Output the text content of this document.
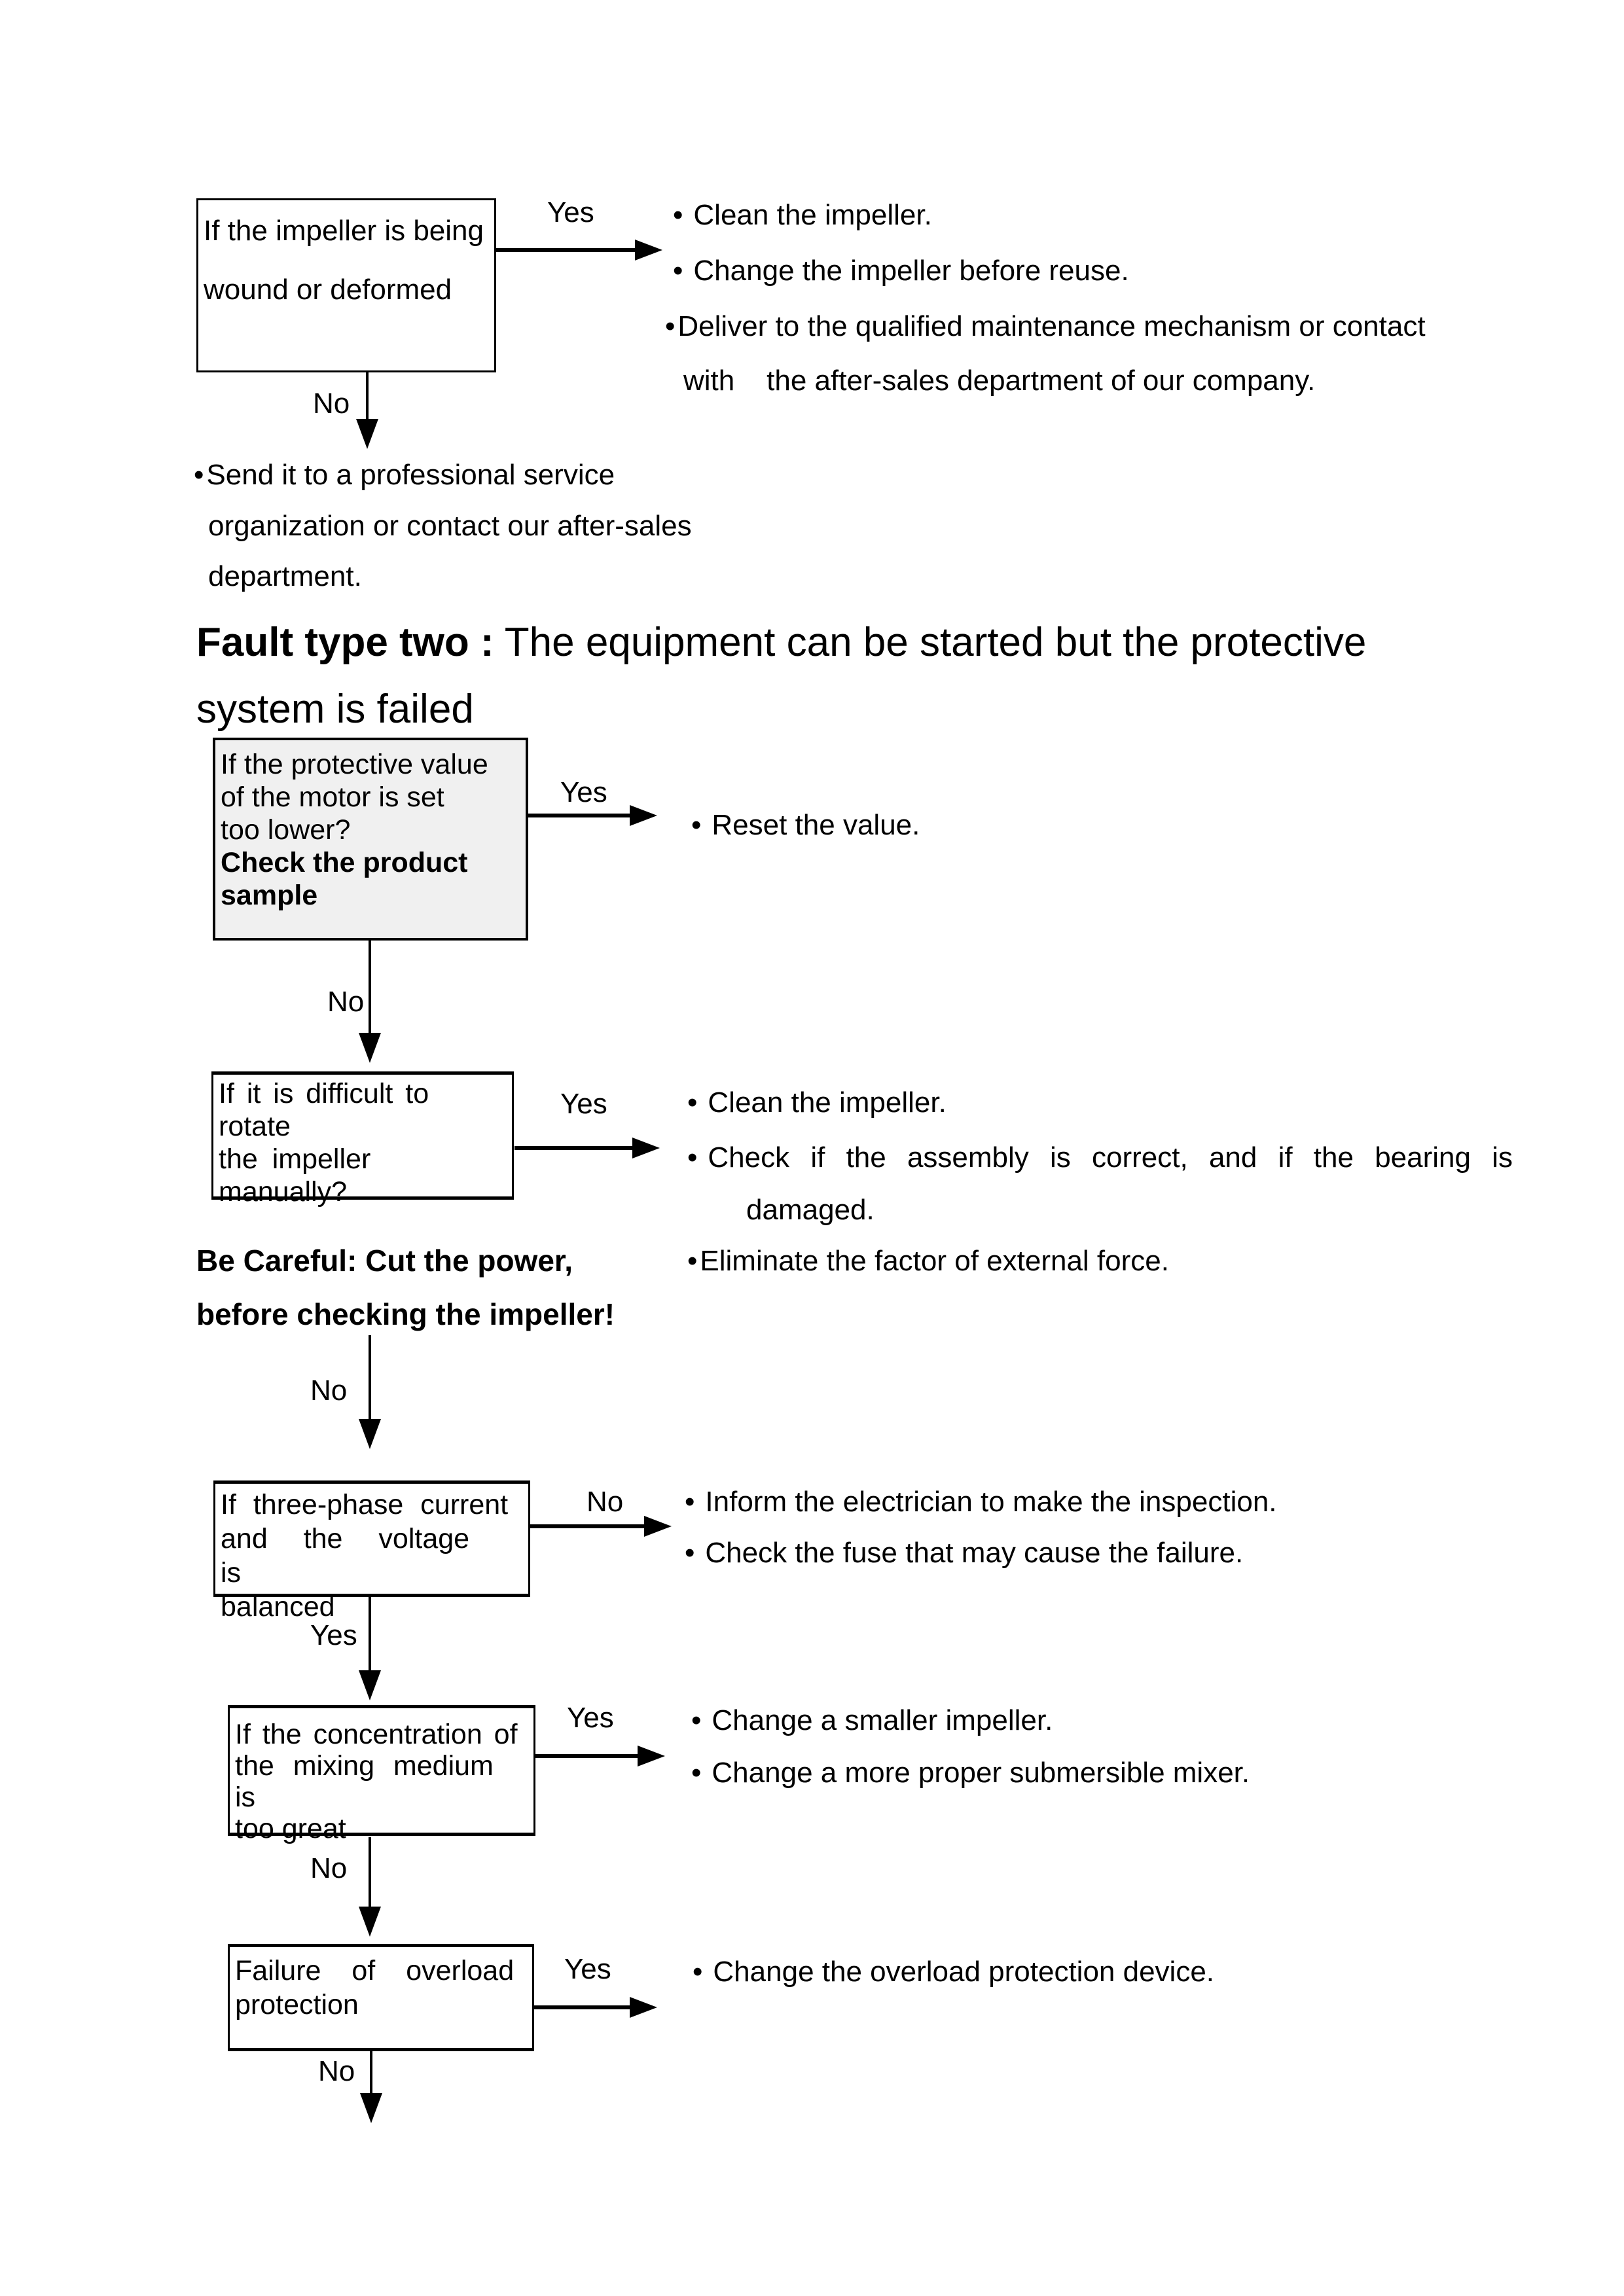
If the impeller is being
wound or deformed
Yes	• Clean the impeller.
• Change the impeller before reuse.
•Deliver to the qualified maintenance mechanism or contact
with    the after-sales department of our company.
No
•Send it to a professional service
organization or contact our after-sales
department.
Fault type two : The equipment can be started but the protective
system is failed
If the protective value
of the motor is set
too lower?
Check the product
sample
Yes
• Reset the value.
No
If it is difficult to rotate
the impeller manually?
Yes	• Clean the impeller.
• Check if the assembly is correct, and if the bearing is
damaged.
Be Careful: Cut the power,
before checking the impeller!
•Eliminate the factor of external force.
No
If three-phase current
and the voltage is
balanced
No • Inform the electrician to make the inspection.
• Check the fuse that may cause the failure.
Yes
If the concentration of
the mixing medium is
too great
Yes	• Change a smaller impeller.
• Change a more proper submersible mixer.
No
Failure of overload
protection
Yes	• Change the overload protection device.
No
